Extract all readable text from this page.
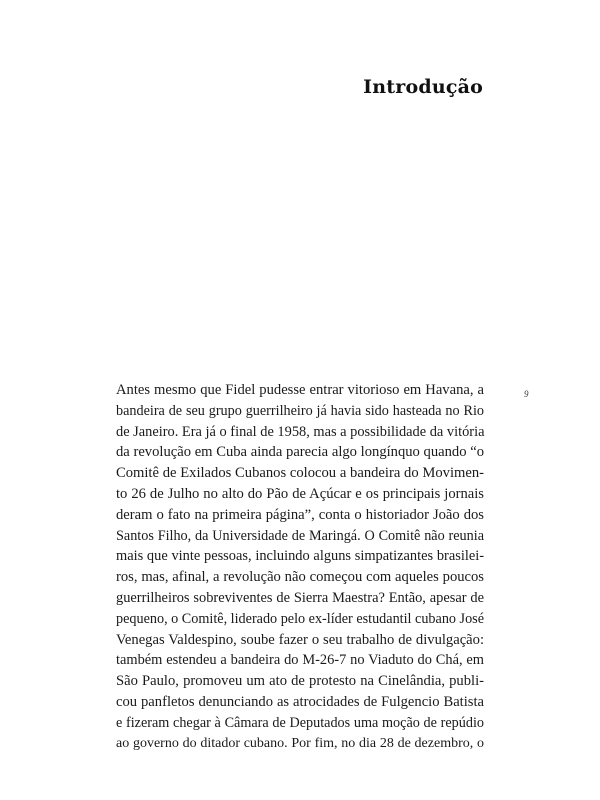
Introdução
9
Antes mesmo que Fidel pudesse entrar vitorioso em Havana, a
bandeira de seu grupo guerrilheiro já havia sido hasteada no Rio
de Janeiro. Era já o final de 1958, mas a possibilidade da vitória
da revolução em Cuba ainda parecia algo longínquo quando “o
Comitê de Exilados Cubanos colocou a bandeira do Movimen-
to 26 de Julho no alto do Pão de Açúcar e os principais jornais
deram o fato na primeira página”, conta o historiador João dos
Santos Filho, da Universidade de Maringá. O Comitê não reunia
mais que vinte pessoas, incluindo alguns simpatizantes brasilei-
ros, mas, afinal, a revolução não começou com aqueles poucos
guerrilheiros sobreviventes de Sierra Maestra? Então, apesar de
pequeno, o Comitê, liderado pelo ex-líder estudantil cubano José
Venegas Valdespino, soube fazer o seu trabalho de divulgação:
também estendeu a bandeira do M-26-7 no Viaduto do Chá, em
São Paulo, promoveu um ato de protesto na Cinelândia, publi-
cou panfletos denunciando as atrocidades de Fulgencio Batista
e fizeram chegar à Câmara de Deputados uma moção de repúdio
ao governo do ditador cubano. Por fim, no dia 28 de dezembro, o
